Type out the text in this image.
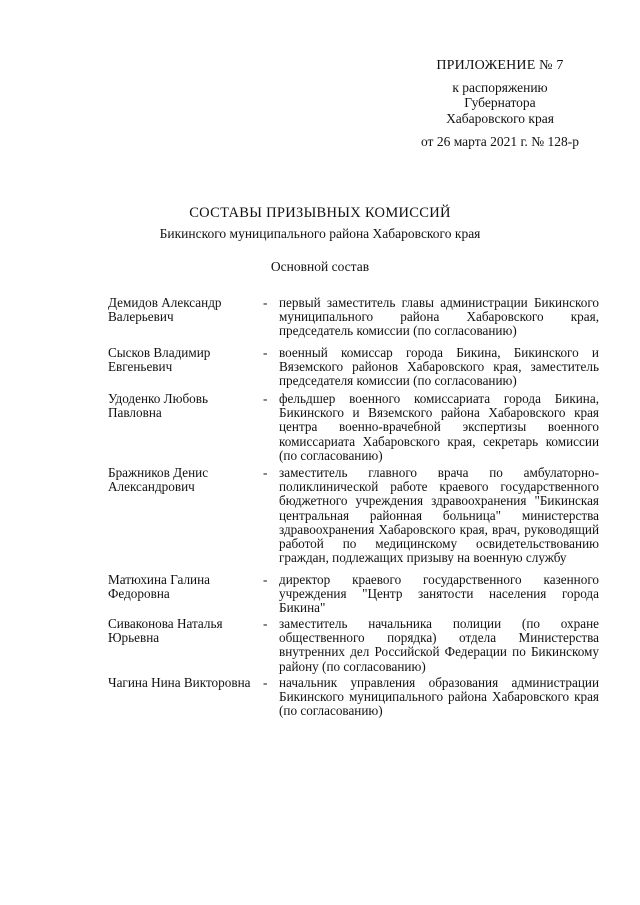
ПРИЛОЖЕНИЕ № 7
к распоряжению
Губернатора
Хабаровского края
от 26 марта 2021 г. № 128-р
СОСТАВЫ ПРИЗЫВНЫХ КОМИССИЙ
Бикинского муниципального района Хабаровского края
Основной состав
Демидов Александр Валерьевич
- первый заместитель главы администрации Бикинского муниципального района Хабаровского края, председатель комиссии (по согласованию)
Сысков Владимир Евгеньевич
- военный комиссар города Бикина, Бикинского и Вяземского районов Хабаровского края, заместитель председателя комиссии (по согласованию)
Удоденко Любовь Павловна
- фельдшер военного комиссариата города Бикина, Бикинского и Вяземского района Хабаровского края центра военно-врачебной экспертизы военного комиссариата Хабаровского края, секретарь комиссии (по согласованию)
Бражников Денис Александрович
- заместитель главного врача по амбулаторно-поликлинической работе краевого государственного бюджетного учреждения здравоохранения "Бикинская центральная районная больница" министерства здравоохранения Хабаровского края, врач, руководящий работой по медицинскому освидетельствованию граждан, подлежащих призыву на военную службу
Матюхина Галина Федоровна
- директор краевого государственного казенного учреждения "Центр занятости населения города Бикина"
Сиваконова Наталья Юрьевна
- заместитель начальника полиции (по охране общественного порядка) отдела Министерства внутренних дел Российской Федерации по Бикинскому району (по согласованию)
Чагина Нина Викторовна - начальник управления образования администрации Бикинского муниципального района Хабаровского края (по согласованию)
